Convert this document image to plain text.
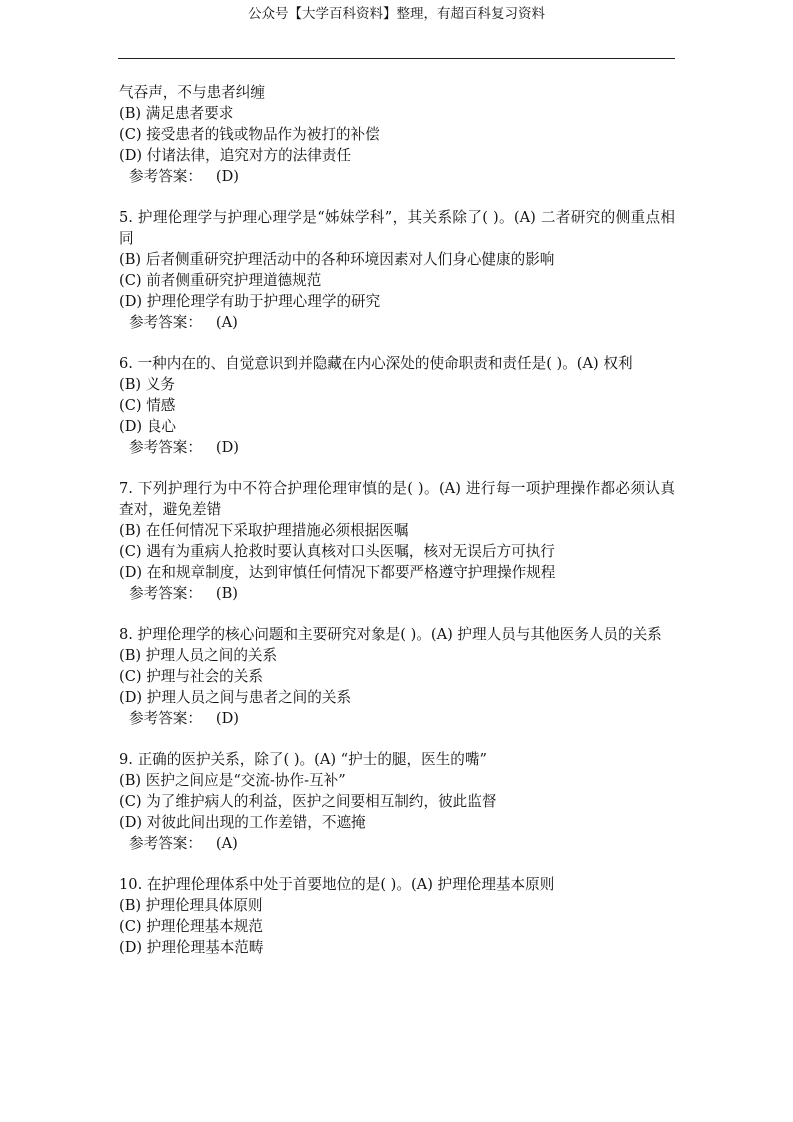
公众号【大学百科资料】整理，有超百科复习资料
气吞声，不与患者纠缠
(B) 满足患者要求
(C) 接受患者的钱或物品作为被打的补偿
(D) 付诸法律，追究对方的法律责任
参考答案：   (D)
5. 护理伦理学与护理心理学是“姊妹学科”，其关系除了( )。(A) 二者研究的侧重点相同
(B) 后者侧重研究护理活动中的各种环境因素对人们身心健康的影响
(C) 前者侧重研究护理道德规范
(D) 护理伦理学有助于护理心理学的研究
参考答案：   (A)
6. 一种内在的、自觉意识到并隐藏在内心深处的使命职责和责任是( )。(A) 权利
(B) 义务
(C) 情感
(D) 良心
参考答案：   (D)
7. 下列护理行为中不符合护理伦理审慎的是( )。(A) 进行每一项护理操作都必须认真查对，避免差错
(B) 在任何情况下采取护理措施必须根据医嘱
(C) 遇有为重病人抢救时要认真核对口头医嘱，核对无误后方可执行
(D) 在和规章制度，达到审慎任何情况下都要严格遵守护理操作规程
参考答案：   (B)
8. 护理伦理学的核心问题和主要研究对象是( )。(A) 护理人员与其他医务人员的关系
(B) 护理人员之间的关系
(C) 护理与社会的关系
(D) 护理人员之间与患者之间的关系
参考答案：   (D)
9. 正确的医护关系，除了( )。(A) “护士的腿，医生的嘴”
(B) 医护之间应是“交流-协作-互补”
(C) 为了维护病人的利益，医护之间要相互制约，彼此监督
(D) 对彼此间出现的工作差错，不遮掩
参考答案：   (A)
10. 在护理伦理体系中处于首要地位的是( )。(A) 护理伦理基本原则
(B) 护理伦理具体原则
(C) 护理伦理基本规范
(D) 护理伦理基本范畴
